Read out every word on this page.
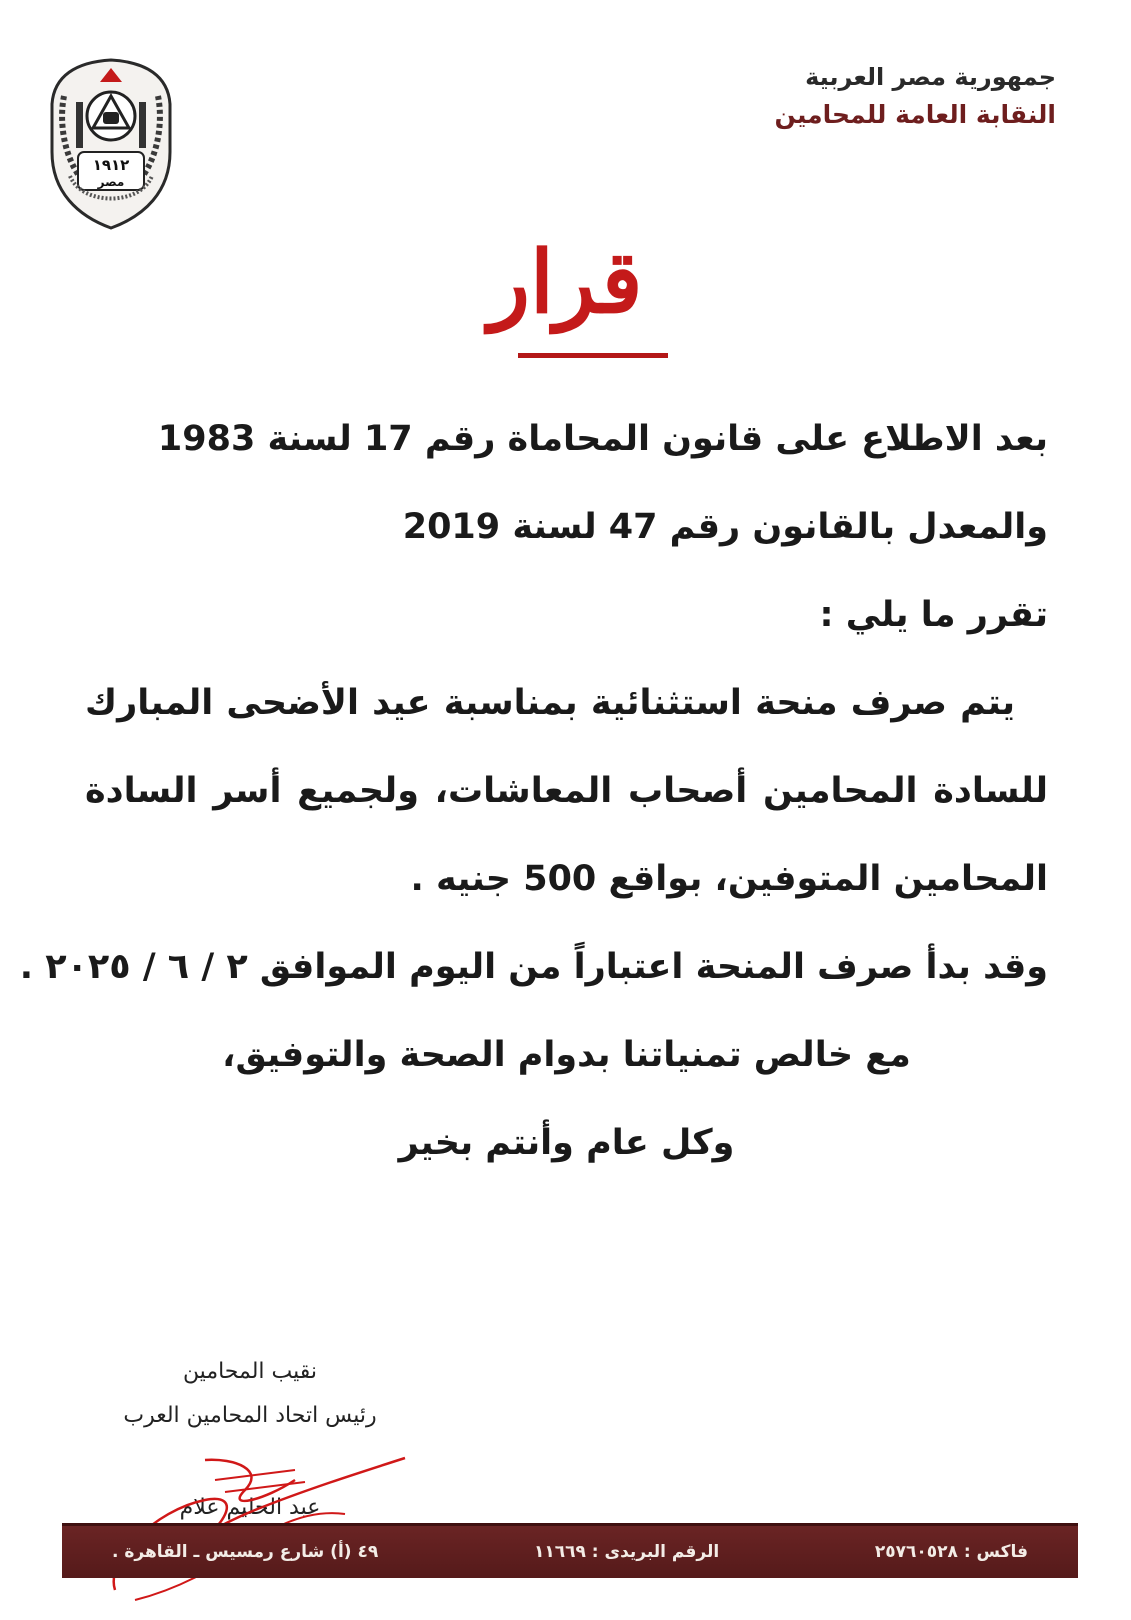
جمهورية مصر العربية
النقابة العامة للمحامين
١٩١٢
مصر
قرار
بعد الاطلاع على قانون المحاماة رقم 17 لسنة 1983
والمعدل بالقانون رقم 47 لسنة 2019
تقرر ما يلي :
يتم صرف منحة استثنائية بمناسبة عيد الأضحى المبارك
للسادة المحامين أصحاب المعاشات، ولجميع أسر السادة
المحامين المتوفين، بواقع 500 جنيه .
وقد بدأ صرف المنحة اعتباراً من اليوم الموافق ٢ / ٦ / ٢٠٢٥ .
مع خالص تمنياتنا بدوام الصحة والتوفيق،
وكل عام وأنتم بخير
نقيب المحامين
رئيس اتحاد المحامين العرب
عبد الحليم علام
٤٩ (أ) شارع رمسيس ـ القاهرة .	الرقم البريدى : ١١٦٦٩	فاكس : ٢٥٧٦٠٥٢٨
